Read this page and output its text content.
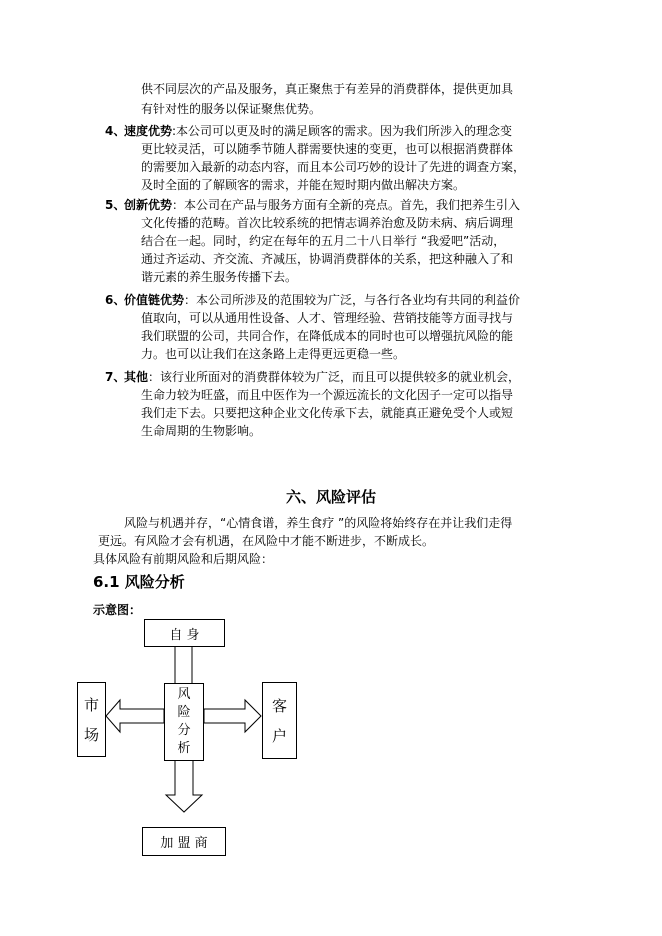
供不同层次的产品及服务，真正聚焦于有差异的消费群体，提供更加具
有针对性的服务以保证聚焦优势。
4、
速度优势:本公司可以更及时的满足顾客的需求。因为我们所涉入的理念变
更比较灵活，可以随季节随人群需要快速的变更，也可以根据消费群体
的需要加入最新的动态内容，而且本公司巧妙的设计了先进的调查方案，
及时全面的了解顾客的需求，并能在短时期内做出解决方案。
5、
创新优势：本公司在产品与服务方面有全新的亮点。首先，我们把养生引入
文化传播的范畴。首次比较系统的把情志调养治愈及防未病、病后调理
结合在一起。同时，约定在每年的五月二十八日举行 “我爱吧”活动，
通过齐运动、齐交流、齐减压，协调消费群体的关系，把这种融入了和
谐元素的养生服务传播下去。
6、
价值链优势：本公司所涉及的范围较为广泛，与各行各业均有共同的利益价
值取向，可以从通用性设备、人才、管理经验、营销技能等方面寻找与
我们联盟的公司，共同合作，在降低成本的同时也可以增强抗风险的能
力。也可以让我们在这条路上走得更远更稳一些。
7、
其他：该行业所面对的消费群体较为广泛，而且可以提供较多的就业机会，
生命力较为旺盛，而且中医作为一个源远流长的文化因子一定可以指导
我们走下去。只要把这种企业文化传承下去，就能真正避免受个人或短
生命周期的生物影响。
六、风险评估
风险与机遇并存，“心情食谱，养生食疗 ”的风险将始终存在并让我们走得
更远。有风险才会有机遇，在风险中才能不断进步，不断成长。
具体风险有前期风险和后期风险：
6.1 风险分析
示意图：
自 身
风
险
分
析
市
场
客
户
加 盟 商
